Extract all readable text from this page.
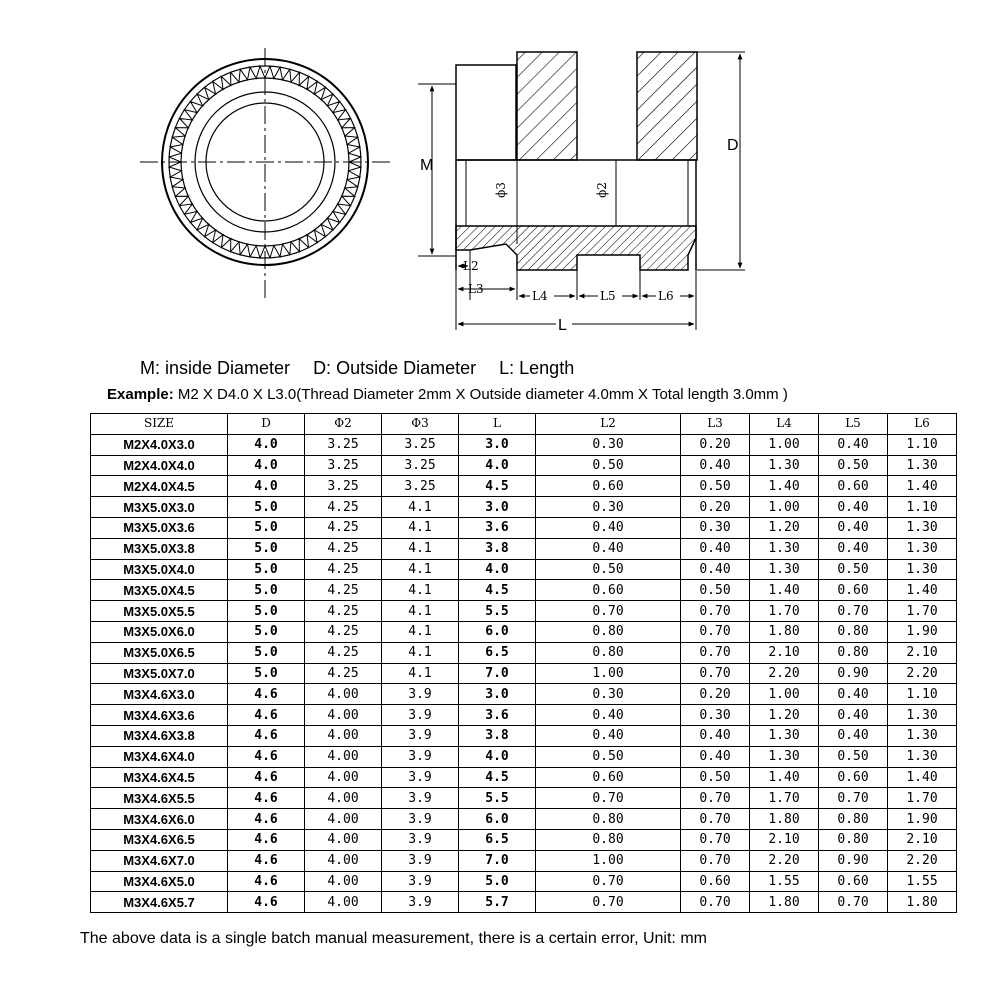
ϕ3	ϕ2
M
D
L2
L3	L4	L5	L6
L
M: inside Diameter D: Outside Diameter L: Length
Example: M2 X D4.0 X L3.0(Thread Diameter 2mm X Outside diameter 4.0mm X Total length 3.0mm )
SIZE	D	Φ2	Φ3	L	L2	L3	L4	L5	L6
M2X4.0X3.0	4.0	3.25	3.25	3.0	0.30	0.20	1.00	0.40	1.10
M2X4.0X4.0	4.0	3.25	3.25	4.0	0.50	0.40	1.30	0.50	1.30
M2X4.0X4.5	4.0	3.25	3.25	4.5	0.60	0.50	1.40	0.60	1.40
M3X5.0X3.0	5.0	4.25	4.1	3.0	0.30	0.20	1.00	0.40	1.10
M3X5.0X3.6	5.0	4.25	4.1	3.6	0.40	0.30	1.20	0.40	1.30
M3X5.0X3.8	5.0	4.25	4.1	3.8	0.40	0.40	1.30	0.40	1.30
M3X5.0X4.0	5.0	4.25	4.1	4.0	0.50	0.40	1.30	0.50	1.30
M3X5.0X4.5	5.0	4.25	4.1	4.5	0.60	0.50	1.40	0.60	1.40
M3X5.0X5.5	5.0	4.25	4.1	5.5	0.70	0.70	1.70	0.70	1.70
M3X5.0X6.0	5.0	4.25	4.1	6.0	0.80	0.70	1.80	0.80	1.90
M3X5.0X6.5	5.0	4.25	4.1	6.5	0.80	0.70	2.10	0.80	2.10
M3X5.0X7.0	5.0	4.25	4.1	7.0	1.00	0.70	2.20	0.90	2.20
M3X4.6X3.0	4.6	4.00	3.9	3.0	0.30	0.20	1.00	0.40	1.10
M3X4.6X3.6	4.6	4.00	3.9	3.6	0.40	0.30	1.20	0.40	1.30
M3X4.6X3.8	4.6	4.00	3.9	3.8	0.40	0.40	1.30	0.40	1.30
M3X4.6X4.0	4.6	4.00	3.9	4.0	0.50	0.40	1.30	0.50	1.30
M3X4.6X4.5	4.6	4.00	3.9	4.5	0.60	0.50	1.40	0.60	1.40
M3X4.6X5.5	4.6	4.00	3.9	5.5	0.70	0.70	1.70	0.70	1.70
M3X4.6X6.0	4.6	4.00	3.9	6.0	0.80	0.70	1.80	0.80	1.90
M3X4.6X6.5	4.6	4.00	3.9	6.5	0.80	0.70	2.10	0.80	2.10
M3X4.6X7.0	4.6	4.00	3.9	7.0	1.00	0.70	2.20	0.90	2.20
M3X4.6X5.0	4.6	4.00	3.9	5.0	0.70	0.60	1.55	0.60	1.55
M3X4.6X5.7	4.6	4.00	3.9	5.7	0.70	0.70	1.80	0.70	1.80
The above data is a single batch manual measurement, there is a certain error, Unit: mm
